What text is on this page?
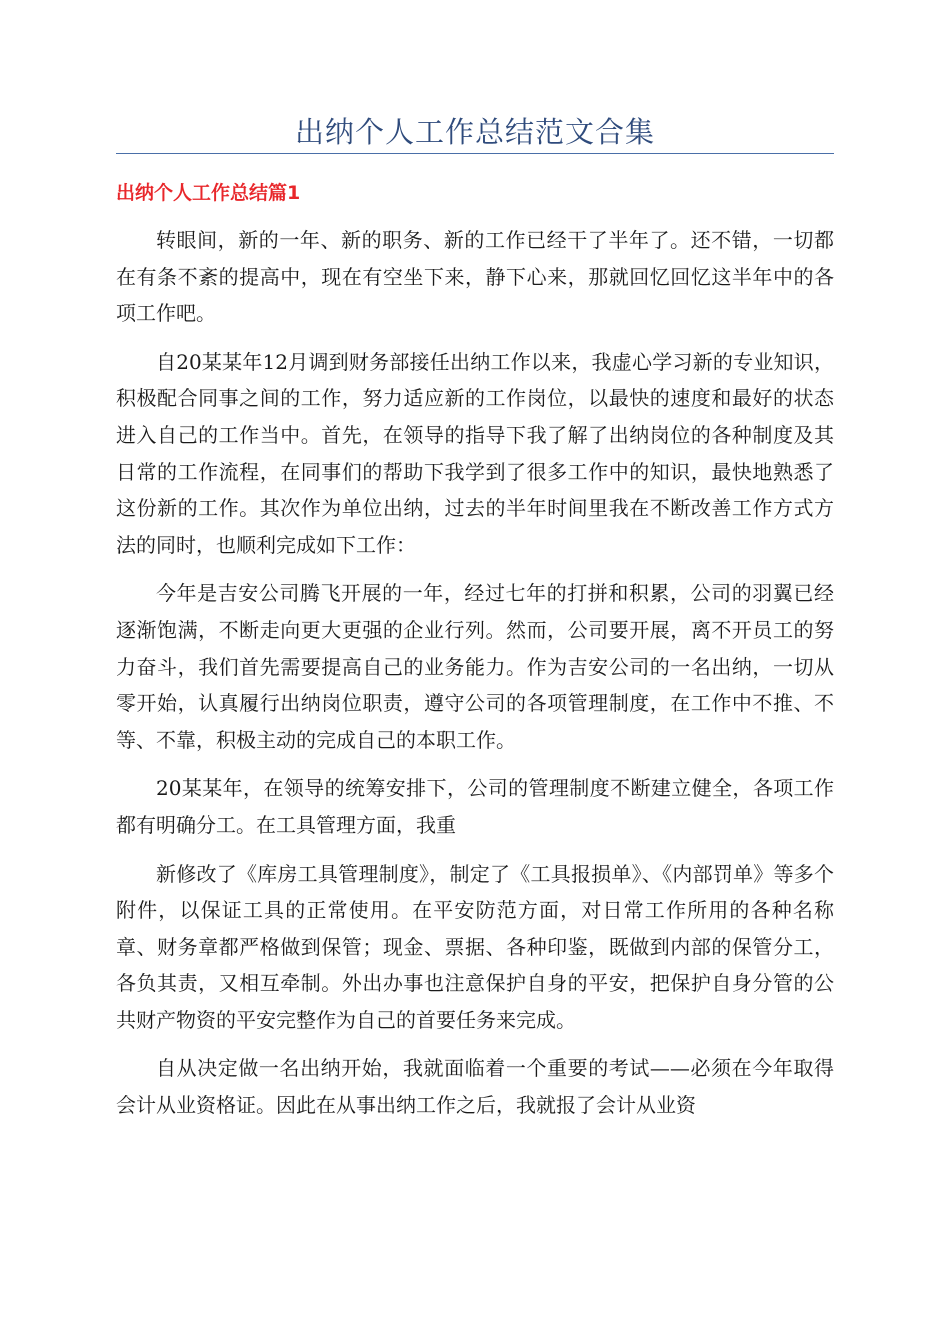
出纳个人工作总结范文合集
出纳个人工作总结篇1

转眼间，新的一年、新的职务、新的工作已经干了半年了。还不错，一切都在有条不紊的提高中，现在有空坐下来，静下心来，那就回忆回忆这半年中的各项工作吧。

自20某某年12月调到财务部接任出纳工作以来，我虚心学习新的专业知识，积极配合同事之间的工作，努力适应新的工作岗位，以最快的速度和最好的状态进入自己的工作当中。首先，在领导的指导下我了解了出纳岗位的各种制度及其日常的工作流程，在同事们的帮助下我学到了很多工作中的知识，最快地熟悉了这份新的工作。其次作为单位出纳，过去的半年时间里我在不断改善工作方式方法的同时，也顺利完成如下工作：

今年是吉安公司腾飞开展的一年，经过七年的打拼和积累，公司的羽翼已经逐渐饱满，不断走向更大更强的企业行列。然而，公司要开展，离不开员工的努力奋斗，我们首先需要提高自己的业务能力。作为吉安公司的一名出纳，一切从零开始，认真履行出纳岗位职责，遵守公司的各项管理制度，在工作中不推、不等、不靠，积极主动的完成自己的本职工作。

20某某年，在领导的统筹安排下，公司的管理制度不断建立健全，各项工作都有明确分工。在工具管理方面，我重

新修改了《库房工具管理制度》，制定了《工具报损单》、《内部罚单》等多个附件，以保证工具的正常使用。在平安防范方面，对日常工作所用的各种名称章、财务章都严格做到保管；现金、票据、各种印鉴，既做到内部的保管分工，各负其责，又相互牵制。外出办事也注意保护自身的平安，把保护自身分管的公共财产物资的平安完整作为自己的首要任务来完成。

自从决定做一名出纳开始，我就面临着一个重要的考试——必须在今年取得会计从业资格证。因此在从事出纳工作之后，我就报了会计从业资
